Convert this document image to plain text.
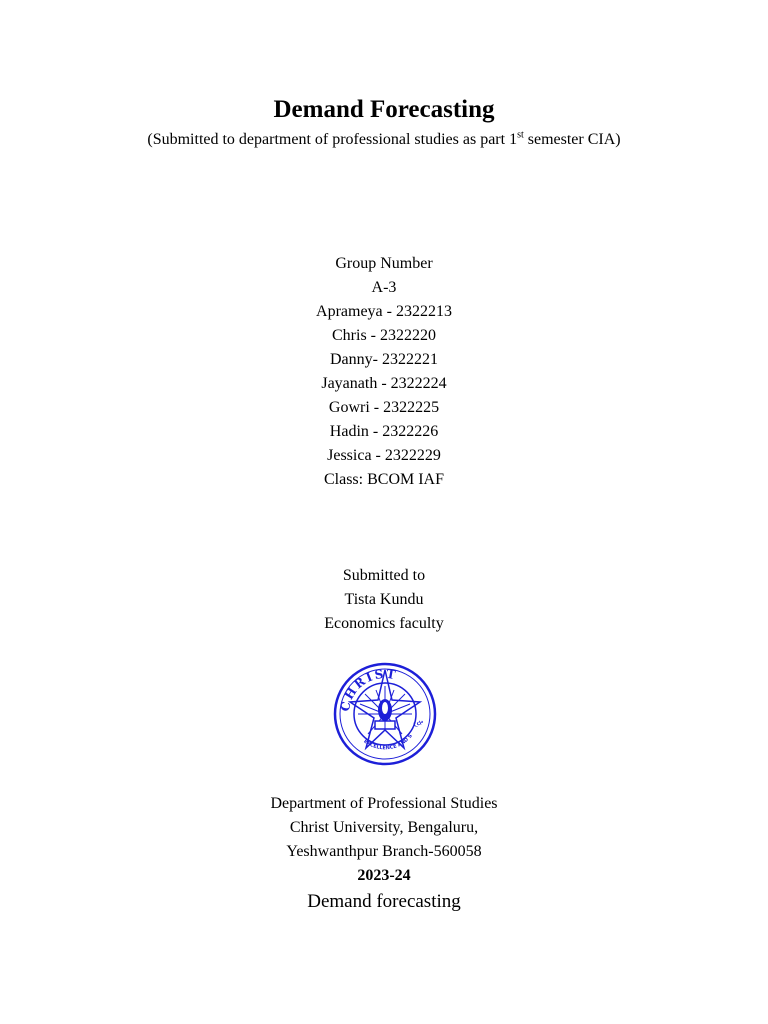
Demand Forecasting
(Submitted to department of professional studies as part 1st semester CIA)
Group Number
A-3
Aprameya - 2322213
Chris - 2322220
Danny- 2322221
Jayanath - 2322224
Gowri - 2322225
Hadin - 2322226
Jessica - 2322229
Class: BCOM IAF
Submitted to
Tista Kundu
Economics faculty
CHRIST
EXCELLENCE AND S
ಕ್ರಿ
Department of Professional Studies
Christ University, Bengaluru,
Yeshwanthpur Branch-560058
2023-24
Demand forecasting
